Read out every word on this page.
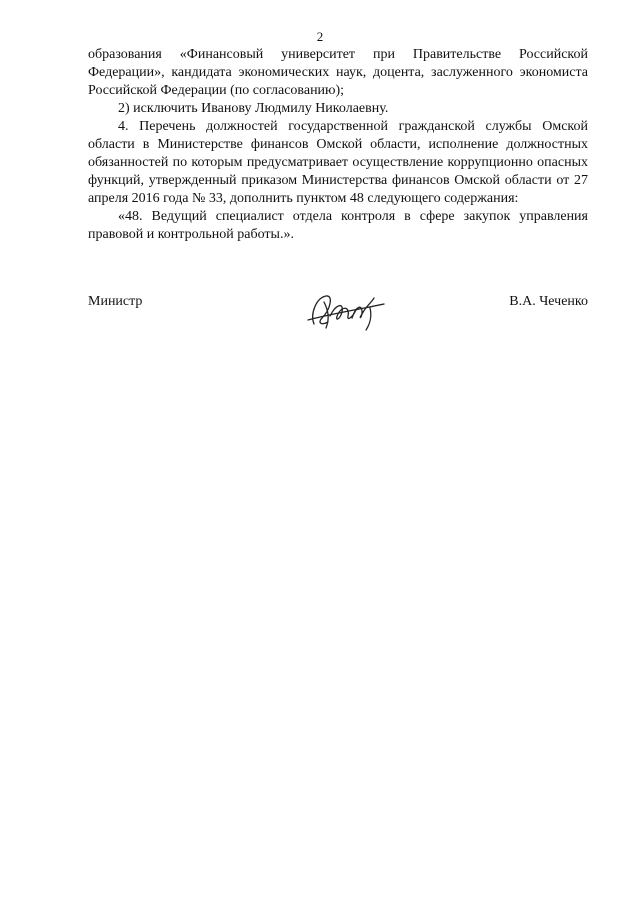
2

образования «Финансовый университет при Правительстве Российской Федерации», кандидата экономических наук, доцента, заслуженного экономиста Российской Федерации (по согласованию);

2) исключить Иванову Людмилу Николаевну.

4. Перечень должностей государственной гражданской службы Омской области в Министерстве финансов Омской области, исполнение должностных обязанностей по которым предусматривает осуществление коррупционно опасных функций, утвержденный приказом Министерства финансов Омской области от 27 апреля 2016 года № 33, дополнить пунктом 48 следующего содержания:

«48. Ведущий специалист отдела контроля в сфере закупок управления правовой и контрольной работы.».

Министр	В.А. Чеченко
